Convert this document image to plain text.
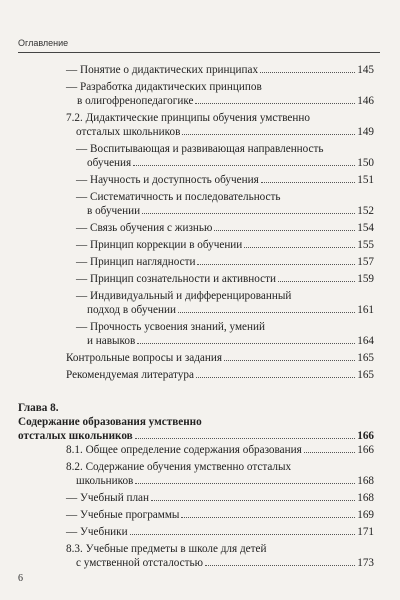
Оглавление
— Понятие о дидактических принципах	145
— Разработка дидактических принципов
в олигофренопедагогике	146
7.2. Дидактические принципы обучения умственно
отсталых школьников	149
— Воспитывающая и развивающая направленность
обучения	150
— Научность и доступность обучения	151
— Систематичность и последовательность
в обучении	152
— Связь обучения с жизнью	154
— Принцип коррекции в обучении	155
— Принцип наглядности	157
— Принцип сознательности и активности	159
— Индивидуальный и дифференцированный
подход в обучении	161
— Прочность усвоения знаний, умений
и навыков	164
Контрольные вопросы и задания	165
Рекомендуемая литература	165
Глава 8.
Содержание образования умственно
отсталых школьников	166
8.1. Общее определение содержания образования	166
8.2. Содержание обучения умственно отсталых
школьников	168
— Учебный план	168
— Учебные программы	169
— Учебники	171
8.3. Учебные предметы в школе для детей
с умственной отсталостью	173
6
